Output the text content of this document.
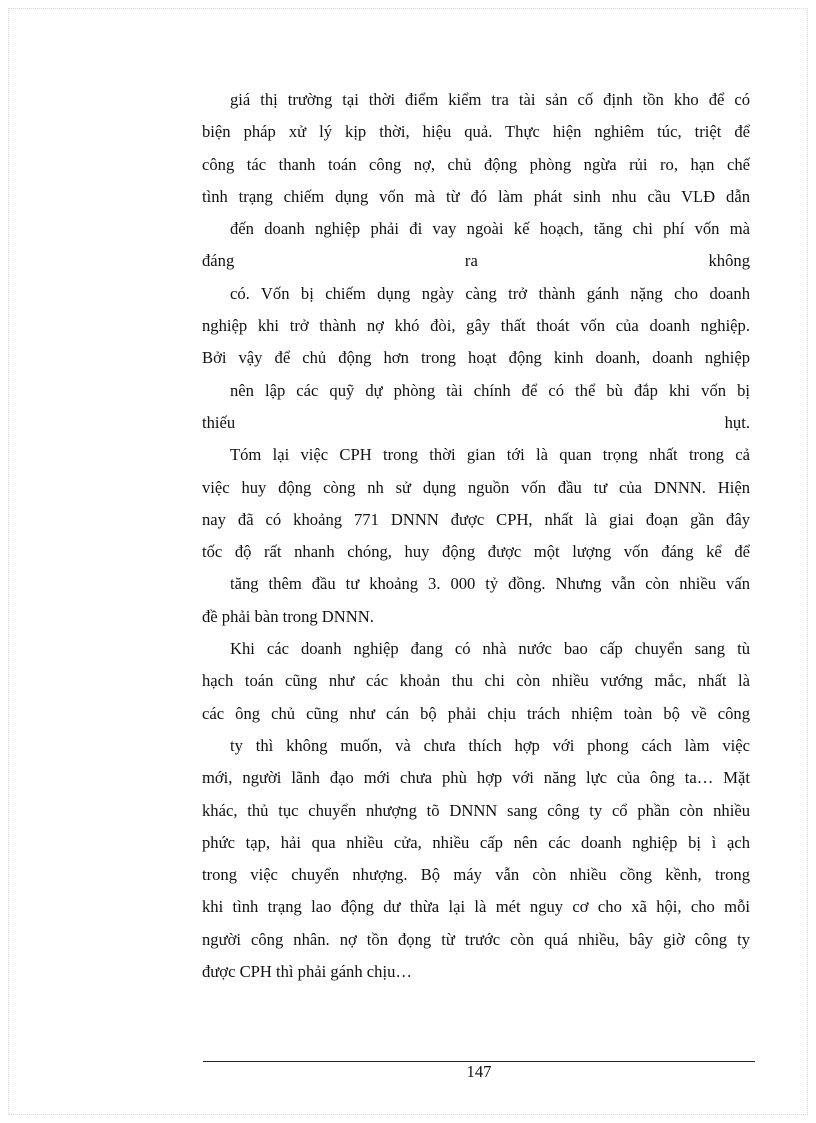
giá thị trường tại thời điểm kiểm tra tài sản cố định tồn kho để có
biện pháp xử lý kịp thời, hiệu quả. Thực hiện nghiêm túc, triệt để
công tác thanh toán công nợ, chủ động phòng ngừa rủi ro, hạn chế
tình trạng chiếm dụng vốn mà từ đó làm phát sinh nhu cầu VLĐ dẫn
đến doanh nghiệp phải đi vay ngoài kế hoạch, tăng chi phí vốn mà
đáng ra không
có. Vốn bị chiếm dụng ngày càng trở thành gánh nặng cho doanh
nghiệp khi trở thành nợ khó đòi, gây thất thoát vốn của doanh nghiệp.
Bởi vậy để chủ động hơn trong hoạt động kinh doanh, doanh nghiệp
nên lập các quỹ dự phòng tài chính để có thể bù đắp khi vốn bị
thiếu hụt.
Tóm lại việc CPH trong thời gian tới là quan trọng nhất trong cả
việc huy động còng nh sử dụng nguồn vốn đầu tư của DNNN. Hiện
nay đã có khoảng 771 DNNN được CPH, nhất là giai đoạn gần đây
tốc độ rất nhanh chóng, huy động được một lượng vốn đáng kể để
tăng thêm đầu tư khoảng 3. 000 tỷ đồng. Nhưng vẫn còn nhiều vấn
đề phải bàn trong DNNN.
Khi các doanh nghiệp đang có nhà nước bao cấp chuyển sang tù
hạch toán cũng như các khoản thu chi còn nhiều vướng mắc, nhất là
các ông chủ cũng như cán bộ phải chịu trách nhiệm toàn bộ về công
ty thì không muốn, và chưa thích hợp với phong cách làm việc
mới, người lãnh đạo mới chưa phù hợp với năng lực của ông ta… Mặt
khác, thủ tục chuyển nhượng tõ DNNN sang công ty cổ phần còn nhiều
phức tạp, hải qua nhiều cửa, nhiều cấp nên các doanh nghiệp bị ì ạch
trong việc chuyển nhượng. Bộ máy vẫn còn nhiều cồng kềnh, trong
khi tình trạng lao động dư thừa lại là mét nguy cơ cho xã hội, cho mỗi
người công nhân. nợ tồn đọng từ trước còn quá nhiều, bây giờ công ty
được CPH thì phải gánh chịu…
147
